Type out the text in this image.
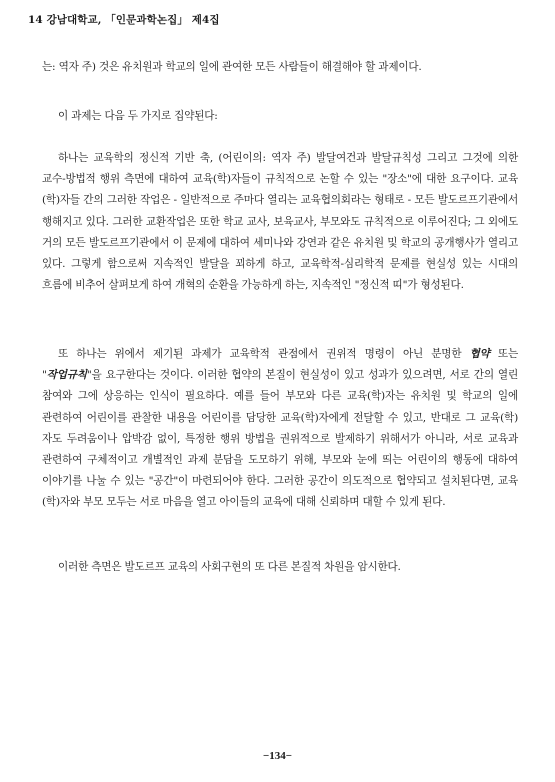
14 강남대학교, 「인문과학논집」 제4집

는: 역자 주) 것은 유치원과 학교의 일에 관여한 모든 사람들이 해결해야 할 과제이다.

이 과제는 다음 두 가지로 집약된다:

하나는 교육학의 정신적 기반 축, (어린이의: 역자 주) 발달여건과 발달규칙성 그리고 그것에 의한 교수-방법적 행위 측면에 대하여 교육(학)자들이 규칙적으로 논할 수 있는 "장소"에 대한 요구이다. 교육(학)자들 간의 그러한 작업은 - 일반적으로 주마다 열리는 교육협의회라는 형태로 - 모든 발도르프기관에서 행해지고 있다. 그러한 교환작업은 또한 학교 교사, 보육교사, 부모와도 규칙적으로 이루어진다; 그 외에도 거의 모든 발도르프기관에서 이 문제에 대하여 세미나와 강연과 같은 유치원 및 학교의 공개행사가 열리고 있다. 그렇게 함으로써 지속적인 발달을 꾀하게 하고, 교육학적-심리학적 문제를 현실성 있는 시대의 흐름에 비추어 살펴보게 하여 개혁의 순환을 가능하게 하는, 지속적인 "정신적 띠"가 형성된다.

또 하나는 위에서 제기된 과제가 교육학적 관점에서 권위적 명령이 아닌 분명한 협약 또는 "작업규칙"을 요구한다는 것이다. 이러한 협약의 본질이 현실성이 있고 성과가 있으려면, 서로 간의 열린 참여와 그에 상응하는 인식이 필요하다. 예를 들어 부모와 다른 교육(학)자는 유치원 및 학교의 일에 관련하여 어린이를 관찰한 내용을 어린이를 담당한 교육(학)자에게 전달할 수 있고, 반대로 그 교육(학)자도 두려움이나 압박감 없이, 특정한 행위 방법을 권위적으로 발제하기 위해서가 아니라, 서로 교육과 관련하여 구체적이고 개별적인 과제 분담을 도모하기 위해, 부모와 눈에 띄는 어린이의 행동에 대하여 이야기를 나눌 수 있는 "공간"이 마련되어야 한다. 그러한 공간이 의도적으로 협약되고 설치된다면, 교육(학)자와 부모 모두는 서로 마음을 열고 아이들의 교육에 대해 신뢰하며 대할 수 있게 된다.

이러한 측면은 발도르프 교육의 사회구현의 또 다른 본질적 차원을 암시한다.

−134−
